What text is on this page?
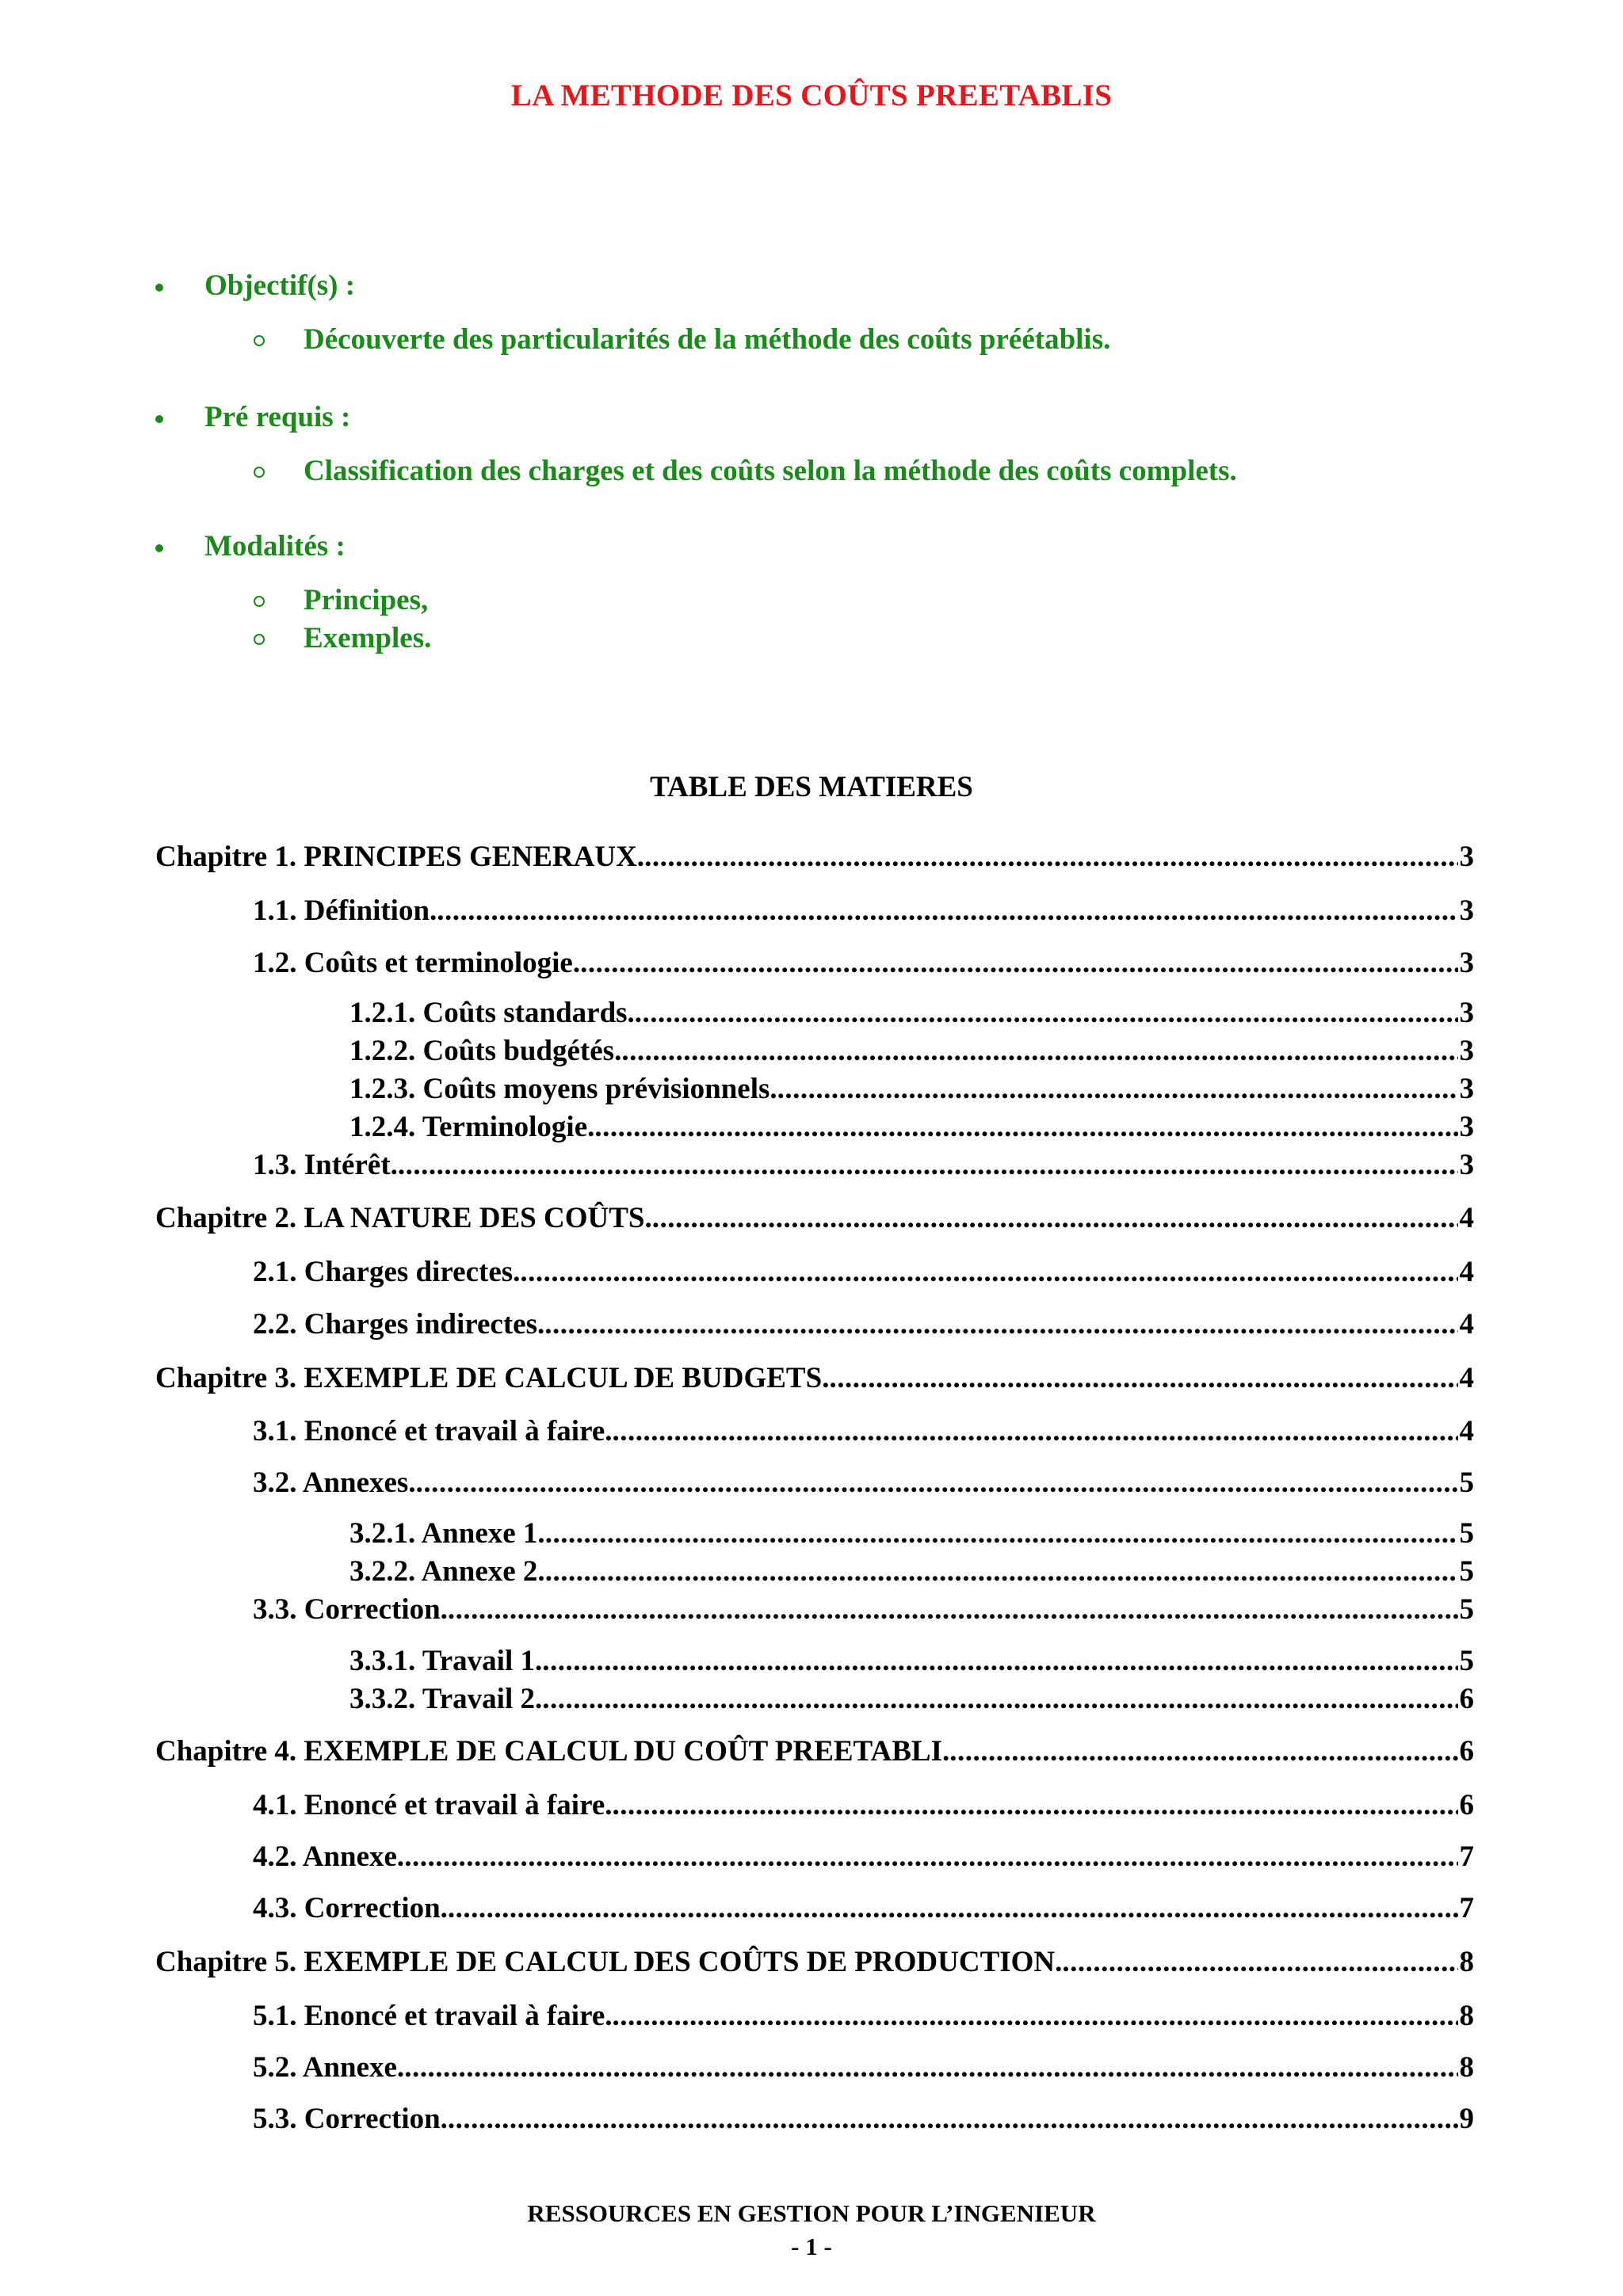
LA METHODE DES COÛTS PREETABLIS
Objectif(s) :
Découverte des particularités de la méthode des coûts préétablis.
Pré requis :
Classification des charges et des coûts selon la méthode des coûts complets.
Modalités :
Principes,
Exemples.
TABLE DES MATIERES
Chapitre 1. PRINCIPES GENERAUX. .....	3
1.1. Définition. .....	3
1.2. Coûts et terminologie. .....	3
1.2.1. Coûts standards. .....	3
1.2.2. Coûts budgétés. .....	3
1.2.3. Coûts moyens prévisionnels. .....	3
1.2.4. Terminologie. .....	3
1.3. Intérêt. .....	3
Chapitre 2. LA NATURE DES COÛTS. .....	4
2.1. Charges directes. .....	4
2.2. Charges indirectes. .....	4
Chapitre 3. EXEMPLE DE CALCUL DE BUDGETS. .....	4
3.1. Enoncé et travail à faire. .....	4
3.2. Annexes. .....	5
3.2.1. Annexe 1. .....	5
3.2.2. Annexe 2. .....	5
3.3. Correction. .....	5
3.3.1. Travail 1. .....	5
3.3.2. Travail 2. .....	6
Chapitre 4. EXEMPLE DE CALCUL DU COÛT PREETABLI. .....	6
4.1. Enoncé et travail à faire. .....	6
4.2. Annexe. .....	7
4.3. Correction. .....	7
Chapitre 5. EXEMPLE DE CALCUL DES COÛTS DE PRODUCTION. .....	8
5.1. Enoncé et travail à faire. .....	8
5.2. Annexe. .....	8
5.3. Correction. .....	9
RESSOURCES EN GESTION POUR L’INGENIEUR
- 1 -
